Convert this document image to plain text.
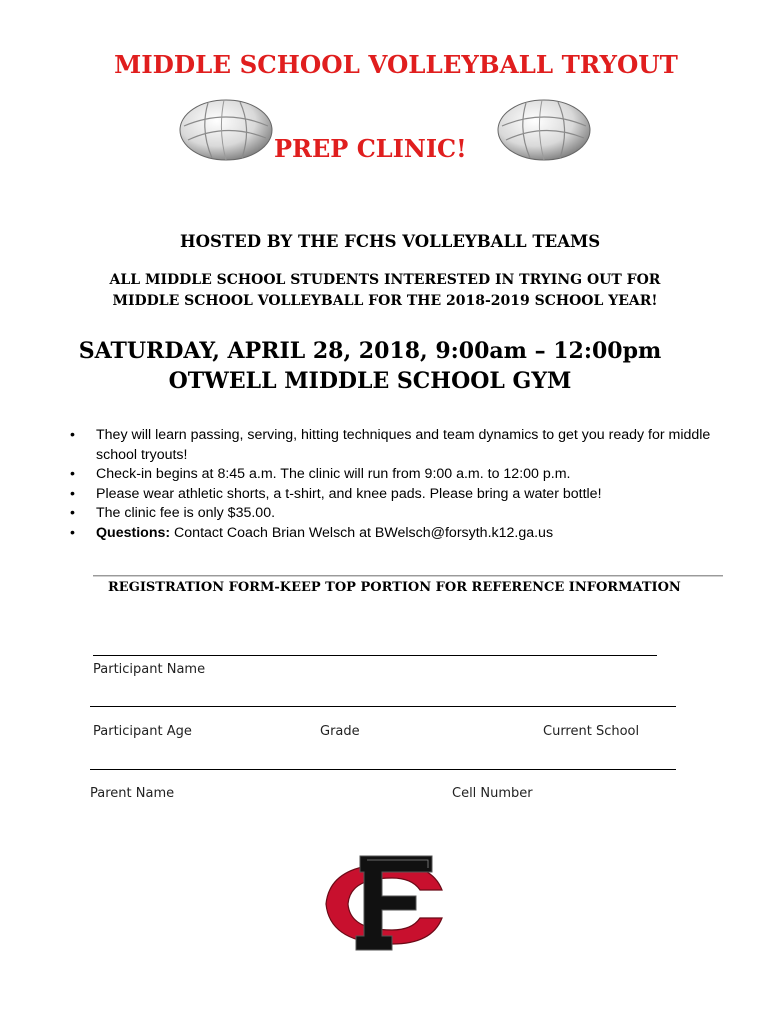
MIDDLE SCHOOL VOLLEYBALL TRYOUT
PREP CLINIC!
HOSTED BY THE FCHS VOLLEYBALL TEAMS
ALL MIDDLE SCHOOL STUDENTS INTERESTED IN TRYING OUT FOR
MIDDLE SCHOOL VOLLEYBALL FOR THE 2018-2019 SCHOOL YEAR!
SATURDAY, APRIL 28, 2018, 9:00am – 12:00pm
OTWELL MIDDLE SCHOOL GYM
• They will learn passing, serving, hitting techniques and team dynamics to get you ready for middle school tryouts!
• Check-in begins at 8:45 a.m. The clinic will run from 9:00 a.m. to 12:00 p.m.
• Please wear athletic shorts, a t-shirt, and knee pads. Please bring a water bottle!
• The clinic fee is only $35.00.
• Questions: Contact Coach Brian Welsch at BWelsch@forsyth.k12.ga.us
REGISTRATION FORM-KEEP TOP PORTION FOR REFERENCE INFORMATION
Participant Name
Participant Age	Grade	Current School
Parent Name	Cell Number
